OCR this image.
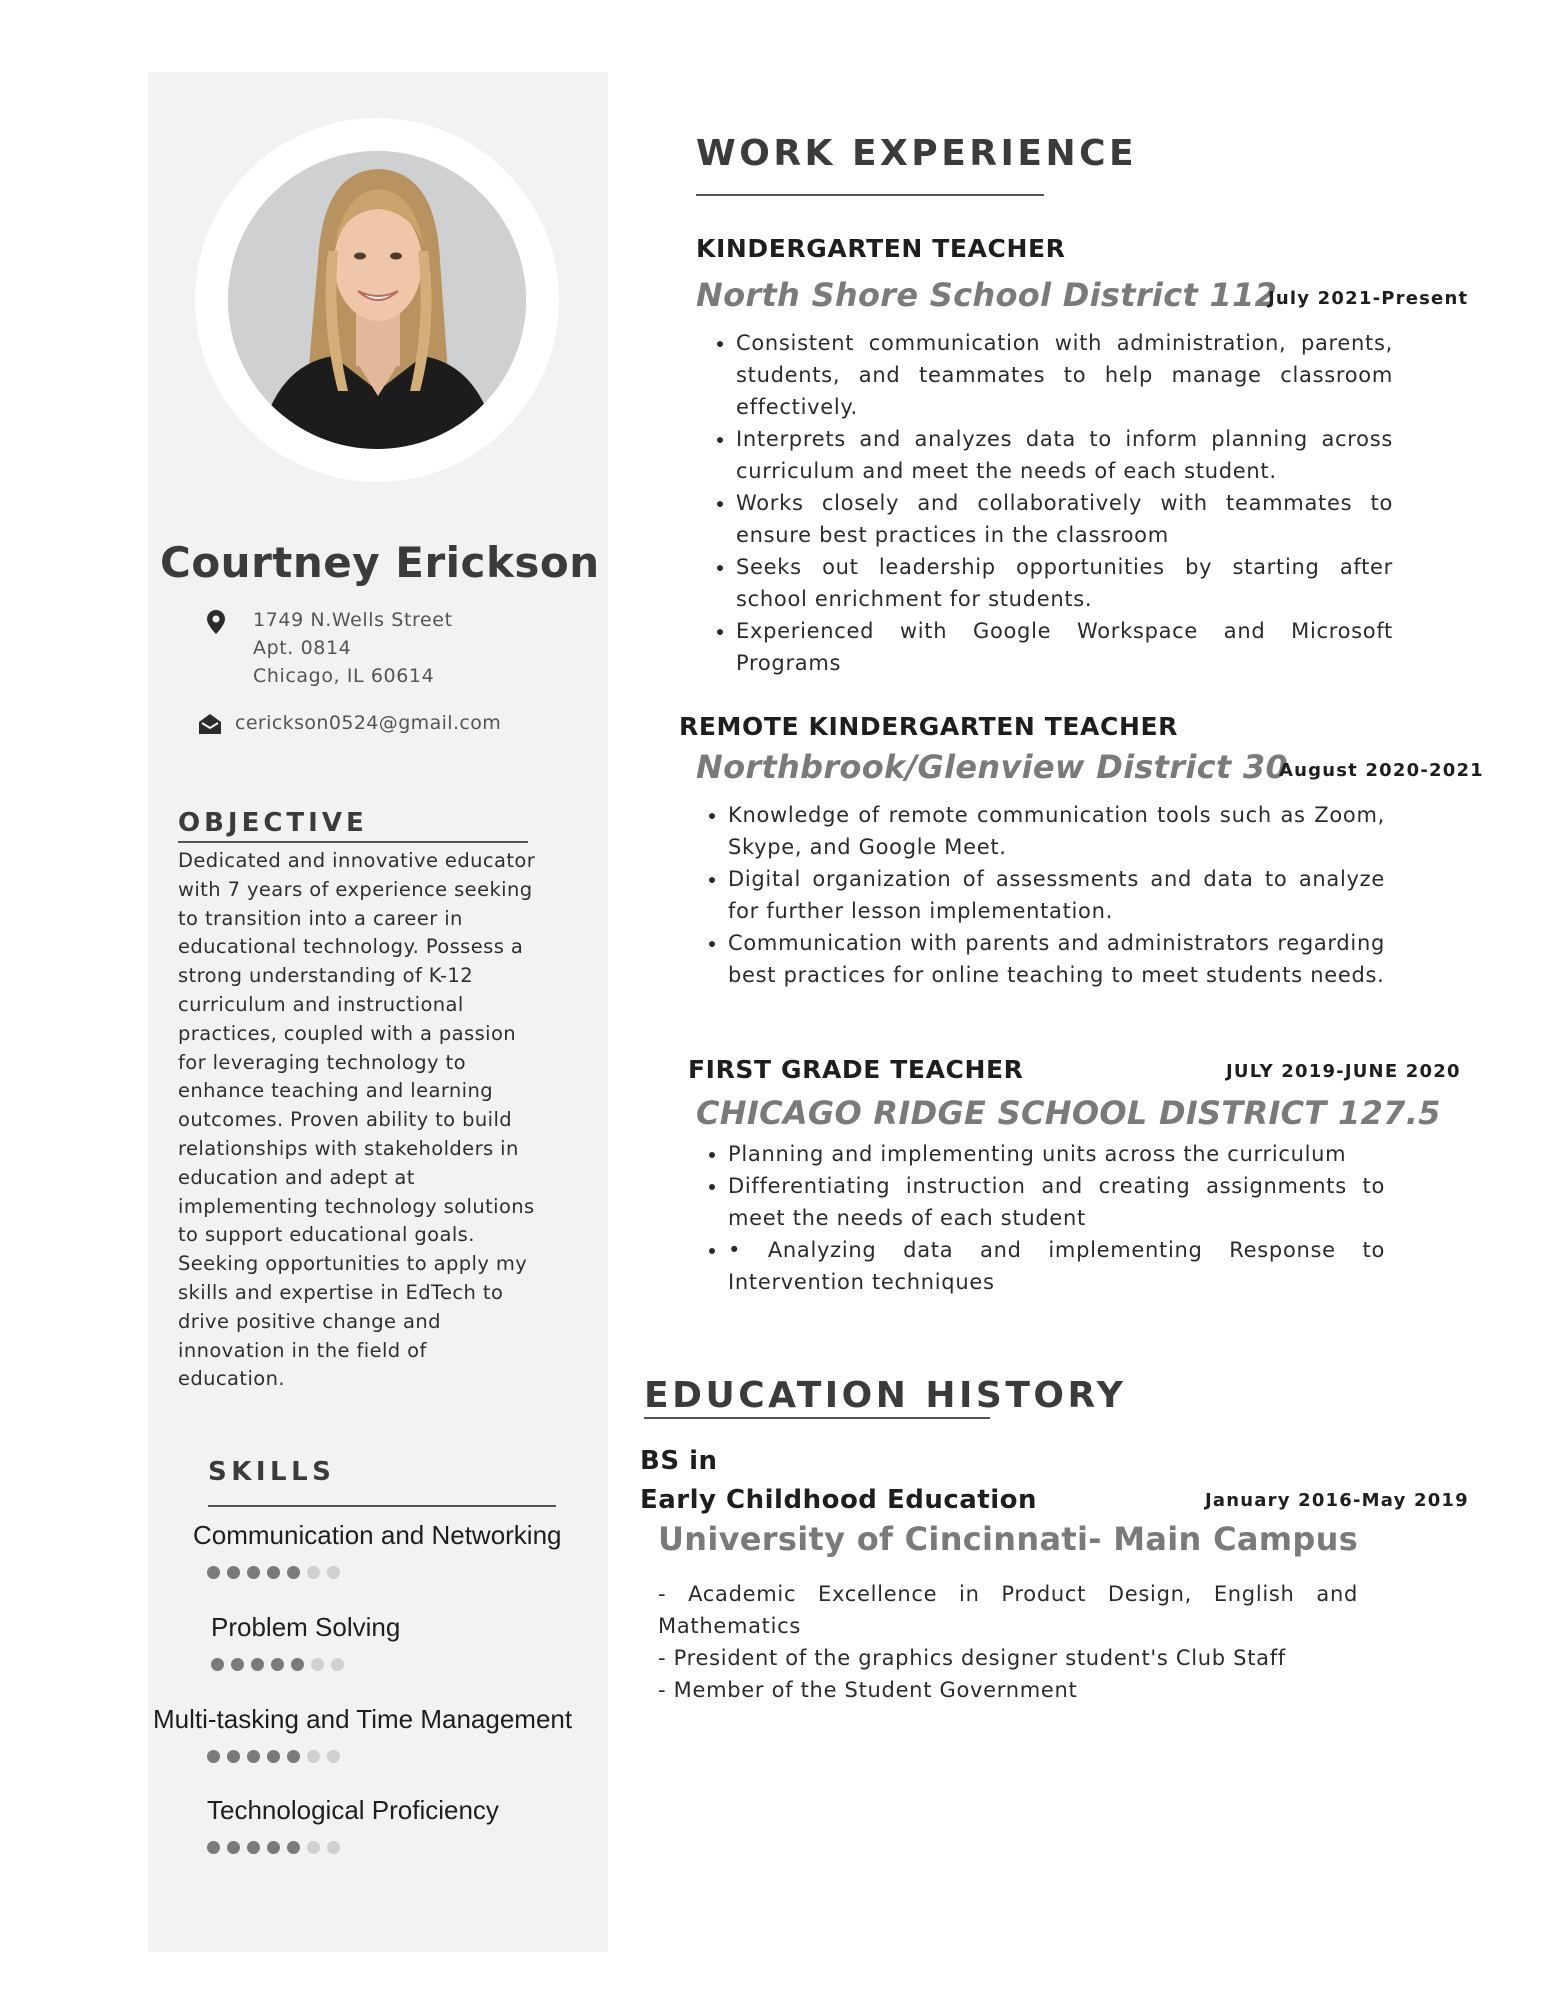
Courtney Erickson
1749 N.Wells Street
Apt. 0814
Chicago, IL 60614
cerickson0524@gmail.com
OBJECTIVE
Dedicated and innovative educator with 7 years of experience seeking to transition into a career in educational technology. Possess a strong understanding of K-12 curriculum and instructional practices, coupled with a passion for leveraging technology to enhance teaching and learning outcomes. Proven ability to build relationships with stakeholders in education and adept at implementing technology solutions to support educational goals. Seeking opportunities to apply my skills and expertise in EdTech to drive positive change and innovation in the field of education.
SKILLS
Communication and Networking
Problem Solving
Multi-tasking and Time Management
Technological Proficiency
WORK EXPERIENCE
KINDERGARTEN TEACHER
North Shore School District 112
July 2021-Present
• Consistent communication with administration, parents, students, and teammates to help manage classroom effectively.
• Interprets and analyzes data to inform planning across curriculum and meet the needs of each student.
• Works closely and collaboratively with teammates to ensure best practices in the classroom
• Seeks out leadership opportunities by starting after school enrichment for students.
• Experienced with Google Workspace and Microsoft Programs
REMOTE KINDERGARTEN TEACHER
Northbrook/Glenview District 30
August 2020-2021
• Knowledge of remote communication tools such as Zoom, Skype, and Google Meet.
• Digital organization of assessments and data to analyze for further lesson implementation.
• Communication with parents and administrators regarding best practices for online teaching to meet students needs.
FIRST GRADE TEACHER	JULY 2019-JUNE 2020
CHICAGO RIDGE SCHOOL DISTRICT 127.5
• Planning and implementing units across the curriculum
• Differentiating instruction and creating assignments to meet the needs of each student
• • Analyzing data and implementing Response to Intervention techniques
EDUCATION HISTORY
BS in
Early Childhood Education	January 2016-May 2019
University of Cincinnati- Main Campus
- Academic Excellence in Product Design, English and Mathematics
- President of the graphics designer student's Club Staff
- Member of the Student Government
